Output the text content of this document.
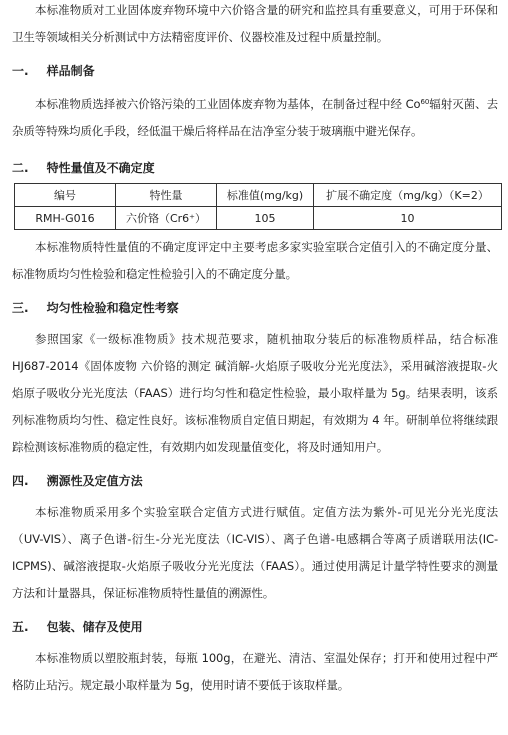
本标准物质对工业固体废弃物环境中六价铬含量的研究和监控具有重要意义，可用于环保和卫生等领域相关分析测试中方法精密度评价、仪器校准及过程中质量控制。

一. 样品制备

本标准物质选择被六价铬污染的工业固体废弃物为基体，在制备过程中经 Co$^{60}$辐射灭菌、去杂质等特殊均质化手段，经低温干燥后将样品在洁净室分装于玻璃瓶中避光保存。

二. 特性量值及不确定度
编号	特性量	标准值(mg/kg)	扩展不确定度（mg/kg）（K=2）
RMH-G016	六价铬（Cr6⁺）	105	10

本标准物质特性量值的不确定度评定中主要考虑多家实验室联合定值引入的不确定度分量、标准物质均匀性检验和稳定性检验引入的不确定度分量。

三. 均匀性检验和稳定性考察

参照国家《一级标准物质》技术规范要求，随机抽取分装后的标准物质样品，结合标准 HJ687-2014《固体废物 六价铬的测定 碱消解-火焰原子吸收分光光度法》，采用碱溶液提取-火焰原子吸收分光光度法（FAAS）进行均匀性和稳定性检验，最小取样量为 5g。结果表明，该系列标准物质均匀性、稳定性良好。该标准物质自定值日期起，有效期为 4 年。研制单位将继续跟踪检测该标准物质的稳定性，有效期内如发现量值变化，将及时通知用户。

四. 溯源性及定值方法

本标准物质采用多个实验室联合定值方式进行赋值。定值方法为紫外-可见光分光光度法（UV-VIS）、离子色谱-衍生-分光光度法（IC-VIS）、离子色谱-电感耦合等离子质谱联用法(IC-ICPMS)、碱溶液提取-火焰原子吸收分光光度法（FAAS）。通过使用满足计量学特性要求的测量方法和计量器具，保证标准物质特性量值的溯源性。

五. 包装、储存及使用

本标准物质以塑胶瓶封装，每瓶 100g，在避光、清洁、室温处保存；打开和使用过程中严格防止玷污。规定最小取样量为 5g，使用时请不要低于该取样量。
